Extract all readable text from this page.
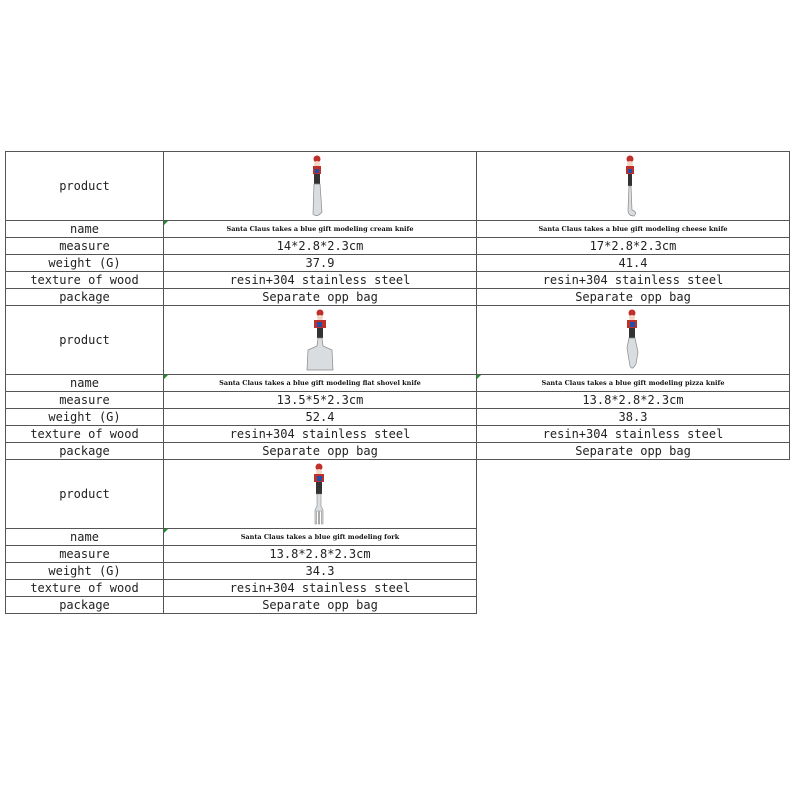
product	

name	Santa Claus takes a blue gift modeling cream knife	Santa Claus takes a blue gift modeling cheese knife
measure	14*2.8*2.3cm	17*2.8*2.3cm
weight (G)	37.9	41.4
texture of wood	resin+304 stainless steel	resin+304 stainless steel
package	Separate opp bag	Separate opp bag
product	

name	Santa Claus takes a blue gift modeling flat shovel knife	Santa Claus takes a blue gift modeling pizza knife
measure	13.5*5*2.3cm	13.8*2.8*2.3cm
weight (G)	52.4	38.3
texture of wood	resin+304 stainless steel	resin+304 stainless steel
package	Separate opp bag	Separate opp bag
product	

name	Santa Claus takes a blue gift modeling fork	
measure	13.8*2.8*2.3cm	
weight (G)	34.3	
texture of wood	resin+304 stainless steel	
package	Separate opp bag	
